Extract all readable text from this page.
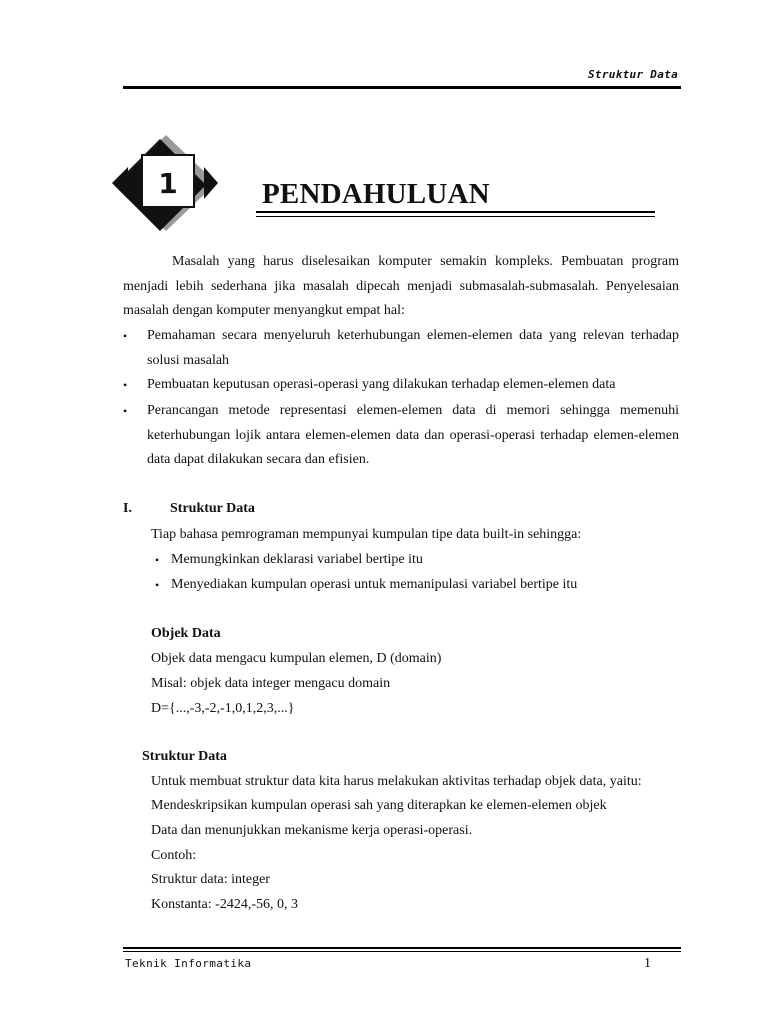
Struktur Data
1	PENDAHULUAN
Masalah yang harus diselesaikan komputer semakin kompleks. Pembuatan program menjadi lebih sederhana jika masalah dipecah menjadi submasalah-submasalah. Penyelesaian masalah dengan komputer menyangkut empat hal:
• Pemahaman secara menyeluruh keterhubungan elemen-elemen data yang relevan terhadap solusi masalah
• Pembuatan keputusan operasi-operasi yang dilakukan terhadap elemen-elemen data
• Perancangan metode representasi elemen-elemen data di memori sehingga memenuhi keterhubungan lojik antara elemen-elemen data dan operasi-operasi terhadap elemen-elemen data dapat dilakukan secara dan efisien.
I.	Struktur Data
Tiap bahasa pemrograman mempunyai kumpulan tipe data built-in sehingga:
• Memungkinkan deklarasi variabel bertipe itu
• Menyediakan kumpulan operasi untuk memanipulasi variabel bertipe itu
Objek Data
Objek data mengacu kumpulan elemen, D (domain)
Misal: objek data integer mengacu domain
D={...,-3,-2,-1,0,1,2,3,...}
Struktur Data
Untuk membuat struktur data kita harus melakukan aktivitas terhadap objek data, yaitu:
Mendeskripsikan kumpulan operasi sah yang diterapkan ke elemen-elemen objek
Data dan menunjukkan mekanisme kerja operasi-operasi.
Contoh:
Struktur data: integer
Konstanta: -2424,-56, 0, 3
Teknik Informatika	1
